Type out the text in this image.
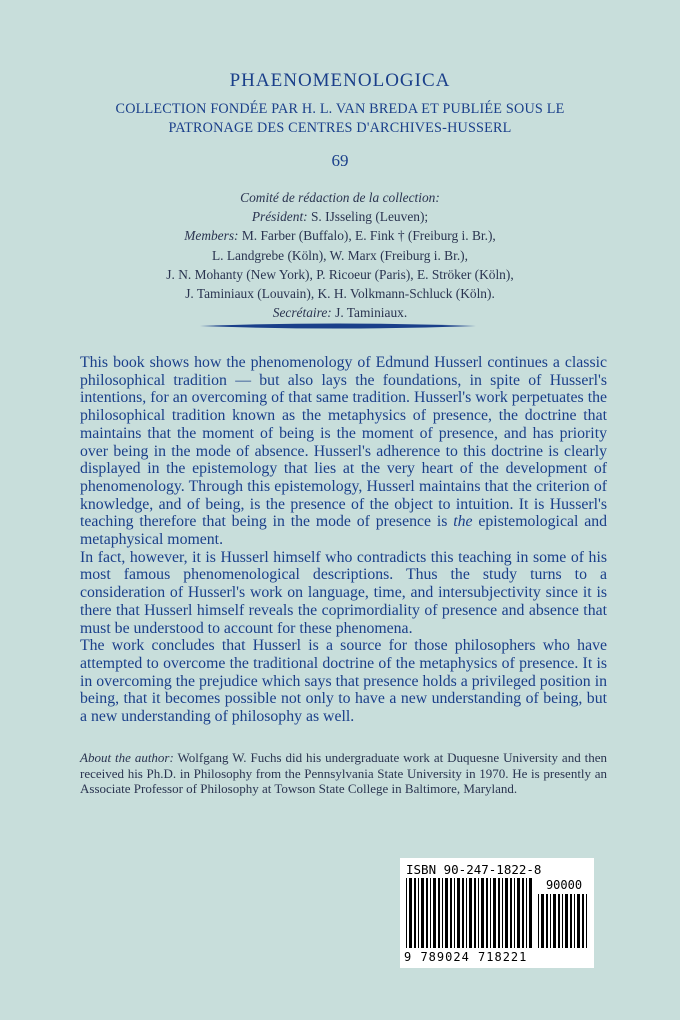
PHAENOMENOLOGICA
COLLECTION FONDÉE PAR H. L. VAN BREDA ET PUBLIÉE SOUS LE
PATRONAGE DES CENTRES D'ARCHIVES-HUSSERL
69
Comité de rédaction de la collection:
Président: S. IJsseling (Leuven);
Members: M. Farber (Buffalo), E. Fink † (Freiburg i. Br.),
L. Landgrebe (Köln), W. Marx (Freiburg i. Br.),
J. N. Mohanty (New York), P. Ricoeur (Paris), E. Ströker (Köln),
J. Taminiaux (Louvain), K. H. Volkmann-Schluck (Köln).
Secrétaire: J. Taminiaux.

This book shows how the phenomenology of Edmund Husserl continues a classic philosophical tradition — but also lays the foundations, in spite of Husserl's intentions, for an overcoming of that same tradition. Husserl's work perpetuates the philosophical tradition known as the metaphysics of presence, the doctrine that maintains that the moment of being is the moment of presence, and has priority over being in the mode of absence. Husserl's adherence to this doctrine is clearly displayed in the epistemology that lies at the very heart of the development of phenomenology. Through this epistemology, Husserl maintains that the criterion of knowledge, and of being, is the presence of the object to intuition. It is Husserl's teaching therefore that being in the mode of presence is the epistemological and metaphysical moment.

In fact, however, it is Husserl himself who contradicts this teaching in some of his most famous phenomenological descriptions. Thus the study turns to a consideration of Husserl's work on language, time, and intersubjectivity since it is there that Husserl himself reveals the coprimordiality of presence and absence that must be understood to account for these phenomena.

The work concludes that Husserl is a source for those philosophers who have attempted to overcome the traditional doctrine of the metaphysics of presence. It is in overcoming the prejudice which says that presence holds a privileged position in being, that it becomes possible not only to have a new understanding of being, but a new understanding of philosophy as well.

About the author: Wolfgang W. Fuchs did his undergraduate work at Duquesne University and then received his Ph.D. in Philosophy from the Pennsylvania State University in 1970. He is presently an Associate Professor of Philosophy at Towson State College in Baltimore, Maryland.
ISBN 90-247-1822-8
90000
9 789024 718221
